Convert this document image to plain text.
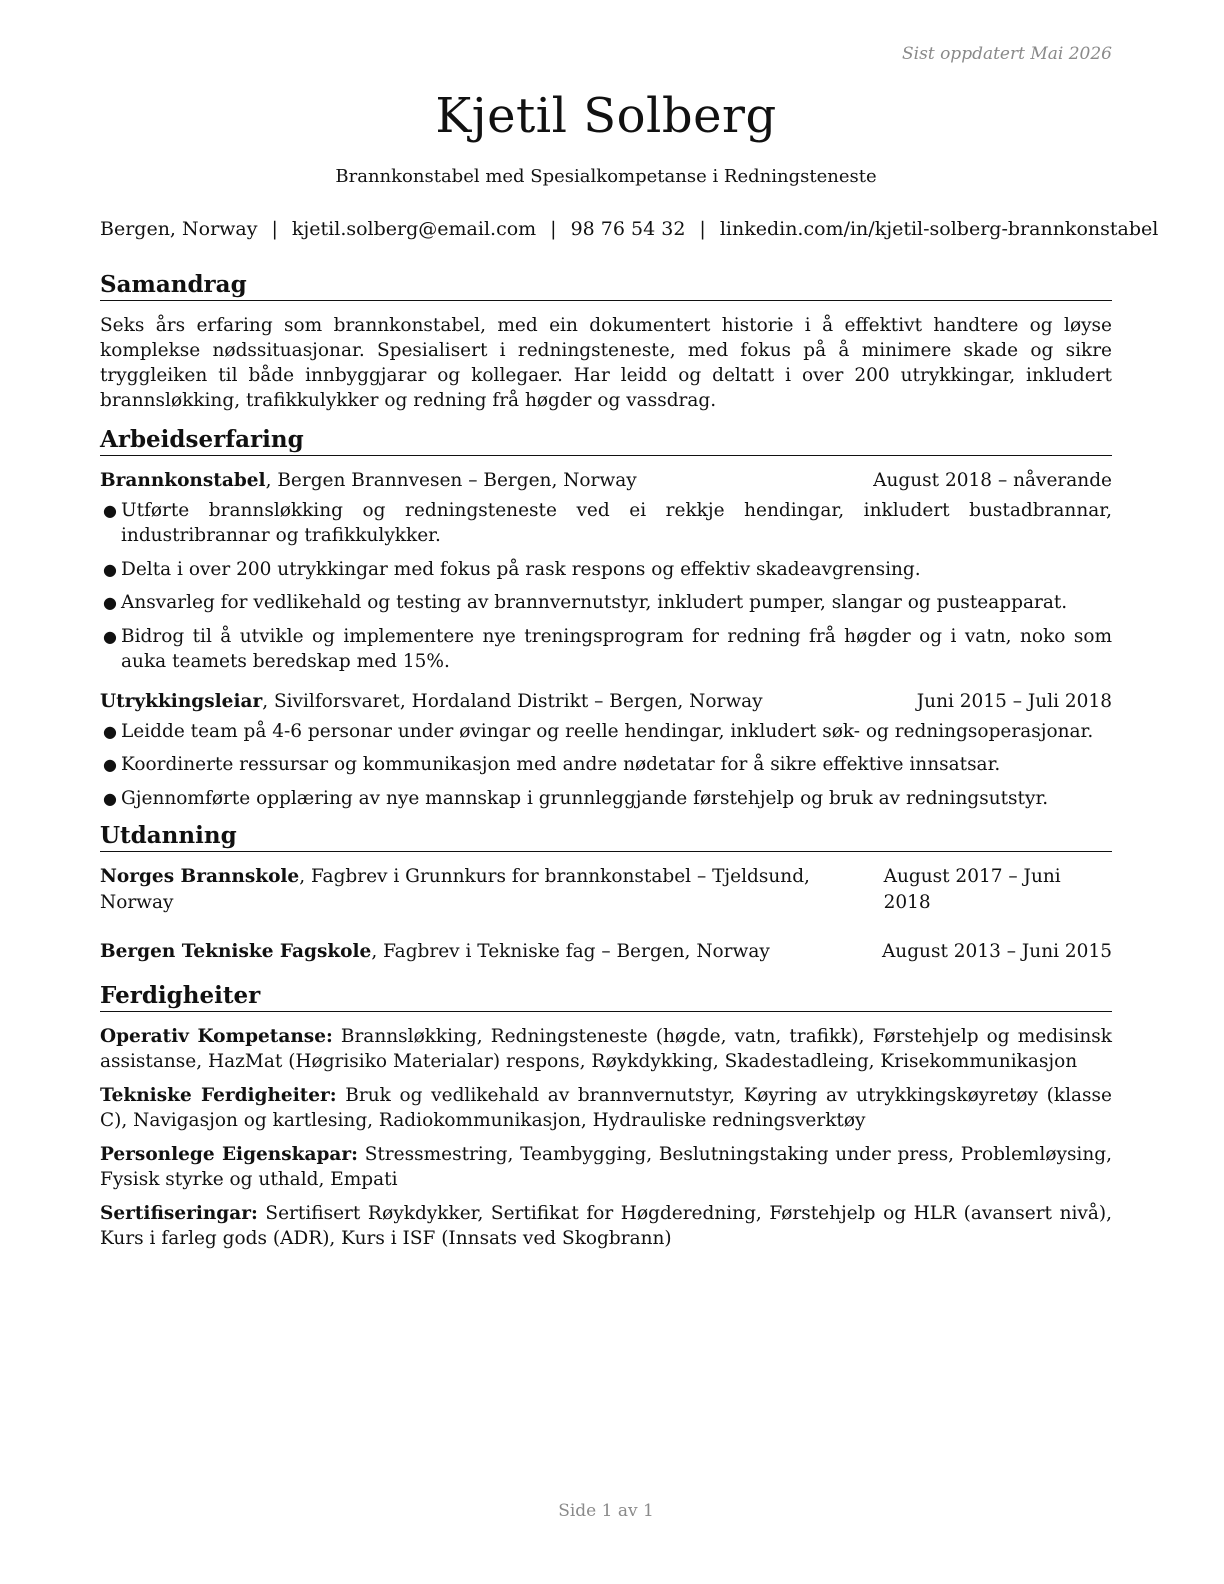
Sist oppdatert Mai 2026
Kjetil Solberg
Brannkonstabel med Spesialkompetanse i Redningsteneste
Bergen, Norway | kjetil.solberg@email.com | 98 76 54 32 | linkedin.com/in/kjetil-solberg-brannkonstabel
Samandrag

Seks års erfaring som brannkonstabel, med ein dokumentert historie i å effektivt handtere og løyse komplekse nødssituasjonar. Spesialisert i redningsteneste, med fokus på å minimere skade og sikre tryggleiken til både innbyggjarar og kollegaer. Har leidd og deltatt i over 200 utrykkingar, inkludert brannsløkking, trafikkulykker og redning frå høgder og vassdrag.

Arbeidserfaring
Brannkonstabel, Bergen Brannvesen – Bergen, Norway	August 2018 – nåverande
● Utførte brannsløkking og redningsteneste ved ei rekkje hendingar, inkludert bustadbrannar, industribrannar og trafikkulykker.
● Delta i over 200 utrykkingar med fokus på rask respons og effektiv skadeavgrensing.
● Ansvarleg for vedlikehald og testing av brannvernutstyr, inkludert pumper, slangar og pusteapparat.
● Bidrog til å utvikle og implementere nye treningsprogram for redning frå høgder og i vatn, noko som auka teamets beredskap med 15%.
Utrykkingsleiar, Sivilforsvaret, Hordaland Distrikt – Bergen, Norway	Juni 2015 – Juli 2018
● Leidde team på 4-6 personar under øvingar og reelle hendingar, inkludert søk- og redningsoperasjonar.
● Koordinerte ressursar og kommunikasjon med andre nødetatar for å sikre effektive innsatsar.
● Gjennomførte opplæring av nye mannskap i grunnleggjande førstehjelp og bruk av redningsutstyr.
Utdanning
Norges Brannskole, Fagbrev i Grunnkurs for brannkonstabel – Tjeldsund, Norway
August 2017 – Juni 2018
Bergen Tekniske Fagskole, Fagbrev i Tekniske fag – Bergen, Norway	August 2013 – Juni 2015
Ferdigheiter

Operativ Kompetanse: Brannsløkking, Redningsteneste (høgde, vatn, trafikk), Førstehjelp og medisinsk assistanse, HazMat (Høgrisiko Materialar) respons, Røykdykking, Skadestadleing, Krisekommunikasjon

Tekniske Ferdigheiter: Bruk og vedlikehald av brannvernutstyr, Køyring av utrykkingskøyretøy (klasse C), Navigasjon og kartlesing, Radiokommunikasjon, Hydrauliske redningsverktøy

Personlege Eigenskapar: Stressmestring, Teambygging, Beslutningstaking under press, Problemløysing, Fysisk styrke og uthald, Empati

Sertifiseringar: Sertifisert Røykdykker, Sertifikat for Høgderedning, Førstehjelp og HLR (avansert nivå), Kurs i farleg gods (ADR), Kurs i ISF (Innsats ved Skogbrann)

Side 1 av 1
